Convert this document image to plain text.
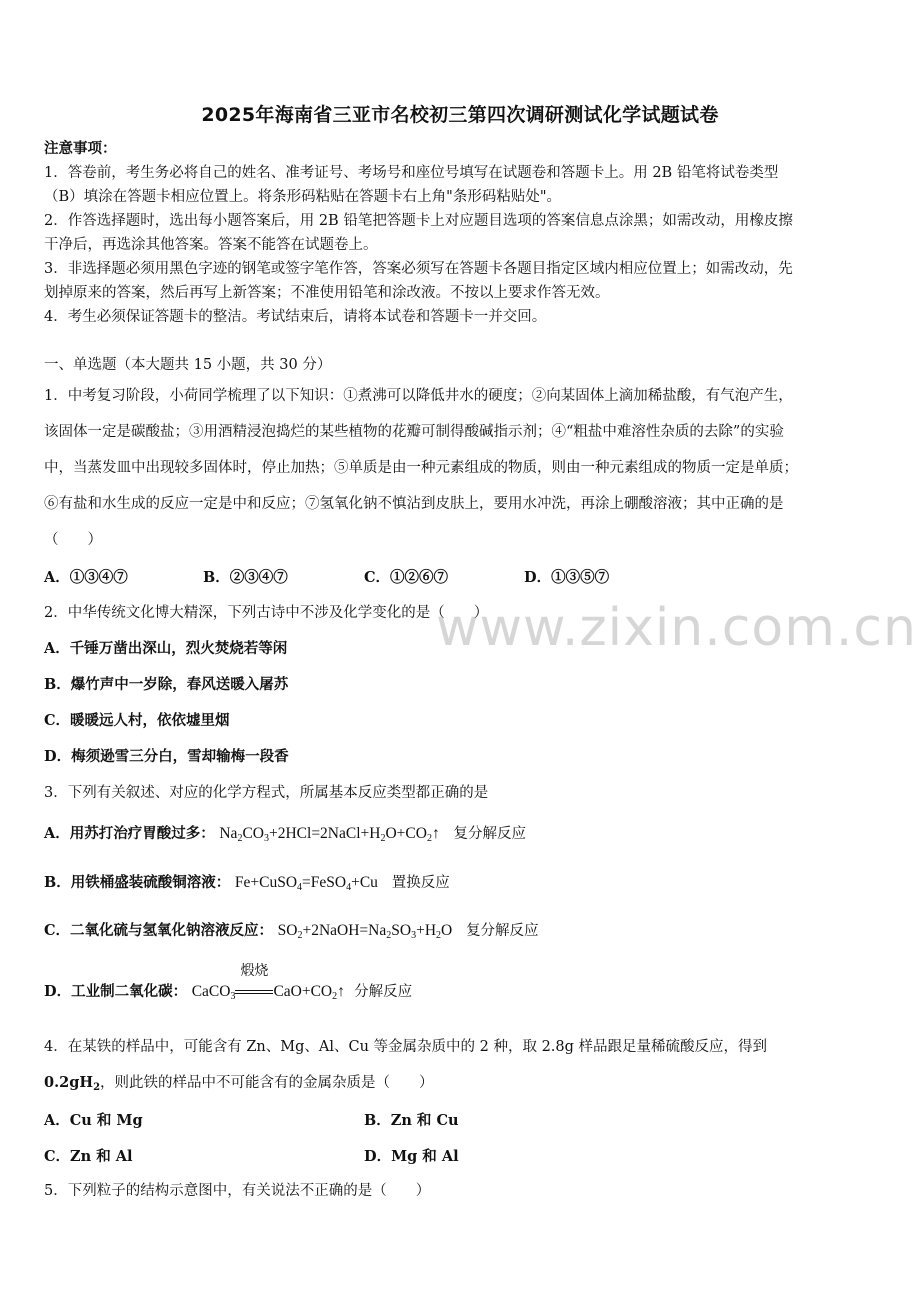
2025年海南省三亚市名校初三第四次调研测试化学试题试卷
注意事项：
1．答卷前，考生务必将自己的姓名、准考证号、考场号和座位号填写在试题卷和答题卡上。用 2B 铅笔将试卷类型
（B）填涂在答题卡相应位置上。将条形码粘贴在答题卡右上角"条形码粘贴处"。
2．作答选择题时，选出每小题答案后，用 2B 铅笔把答题卡上对应题目选项的答案信息点涂黑；如需改动，用橡皮擦
干净后，再选涂其他答案。答案不能答在试题卷上。
3．非选择题必须用黑色字迹的钢笔或签字笔作答，答案必须写在答题卡各题目指定区域内相应位置上；如需改动，先
划掉原来的答案，然后再写上新答案；不准使用铅笔和涂改液。不按以上要求作答无效。
4．考生必须保证答题卡的整洁。考试结束后，请将本试卷和答题卡一并交回。
一、单选题（本大题共 15 小题，共 30 分）
1．中考复习阶段，小荷同学梳理了以下知识：①煮沸可以降低井水的硬度；②向某固体上滴加稀盐酸，有气泡产生，
该固体一定是碳酸盐；③用酒精浸泡捣烂的某些植物的花瓣可制得酸碱指示剂；④“粗盐中难溶性杂质的去除”的实验
中，当蒸发皿中出现较多固体时，停止加热；⑤单质是由一种元素组成的物质，则由一种元素组成的物质一定是单质；
⑥有盐和水生成的反应一定是中和反应；⑦氢氧化钠不慎沾到皮肤上，要用水冲洗，再涂上硼酸溶液；其中正确的是
（　　）
A．①③④⑦	B．②③④⑦	C．①②⑥⑦	D．①③⑤⑦
www.zixin.com.cn
2．中华传统文化博大精深，下列古诗中不涉及化学变化的是（　　）
A．千锤万凿出深山，烈火焚烧若等闲
B．爆竹声中一岁除，春风送暖入屠苏
C．暖暖远人村，依依墟里烟
D．梅须逊雪三分白，雪却输梅一段香
3．下列有关叙述、对应的化学方程式，所属基本反应类型都正确的是
A．用苏打治疗胃酸过多： $Na_2CO_3+2HCl=2NaCl+H_2O+CO_2↑$ 复分解反应
B．用铁桶盛装硫酸铜溶液： Fe+CuSO$_4$=FeSO$_4$+Cu 置换反应
C．二氧化硫与氢氧化钠溶液反应： $SO_2+2NaOH=Na_2SO_3+H_2O$ 复分解反应
D．工业制二氧化碳： CaCO$_3$
煅烧
$CaO+CO_2↑$ 分解反应
4．在某铁的样品中，可能含有 Zn、Mg、Al、Cu 等金属杂质中的 2 种，取 2.8g 样品跟足量稀硫酸反应，得到
$0.2gH_2$，则此铁的样品中不可能含有的金属杂质是（　　）
A．Cu 和 Mg	B．Zn 和 Cu
C．Zn 和 Al	D．Mg 和 Al
5．下列粒子的结构示意图中，有关说法不正确的是（　　）
